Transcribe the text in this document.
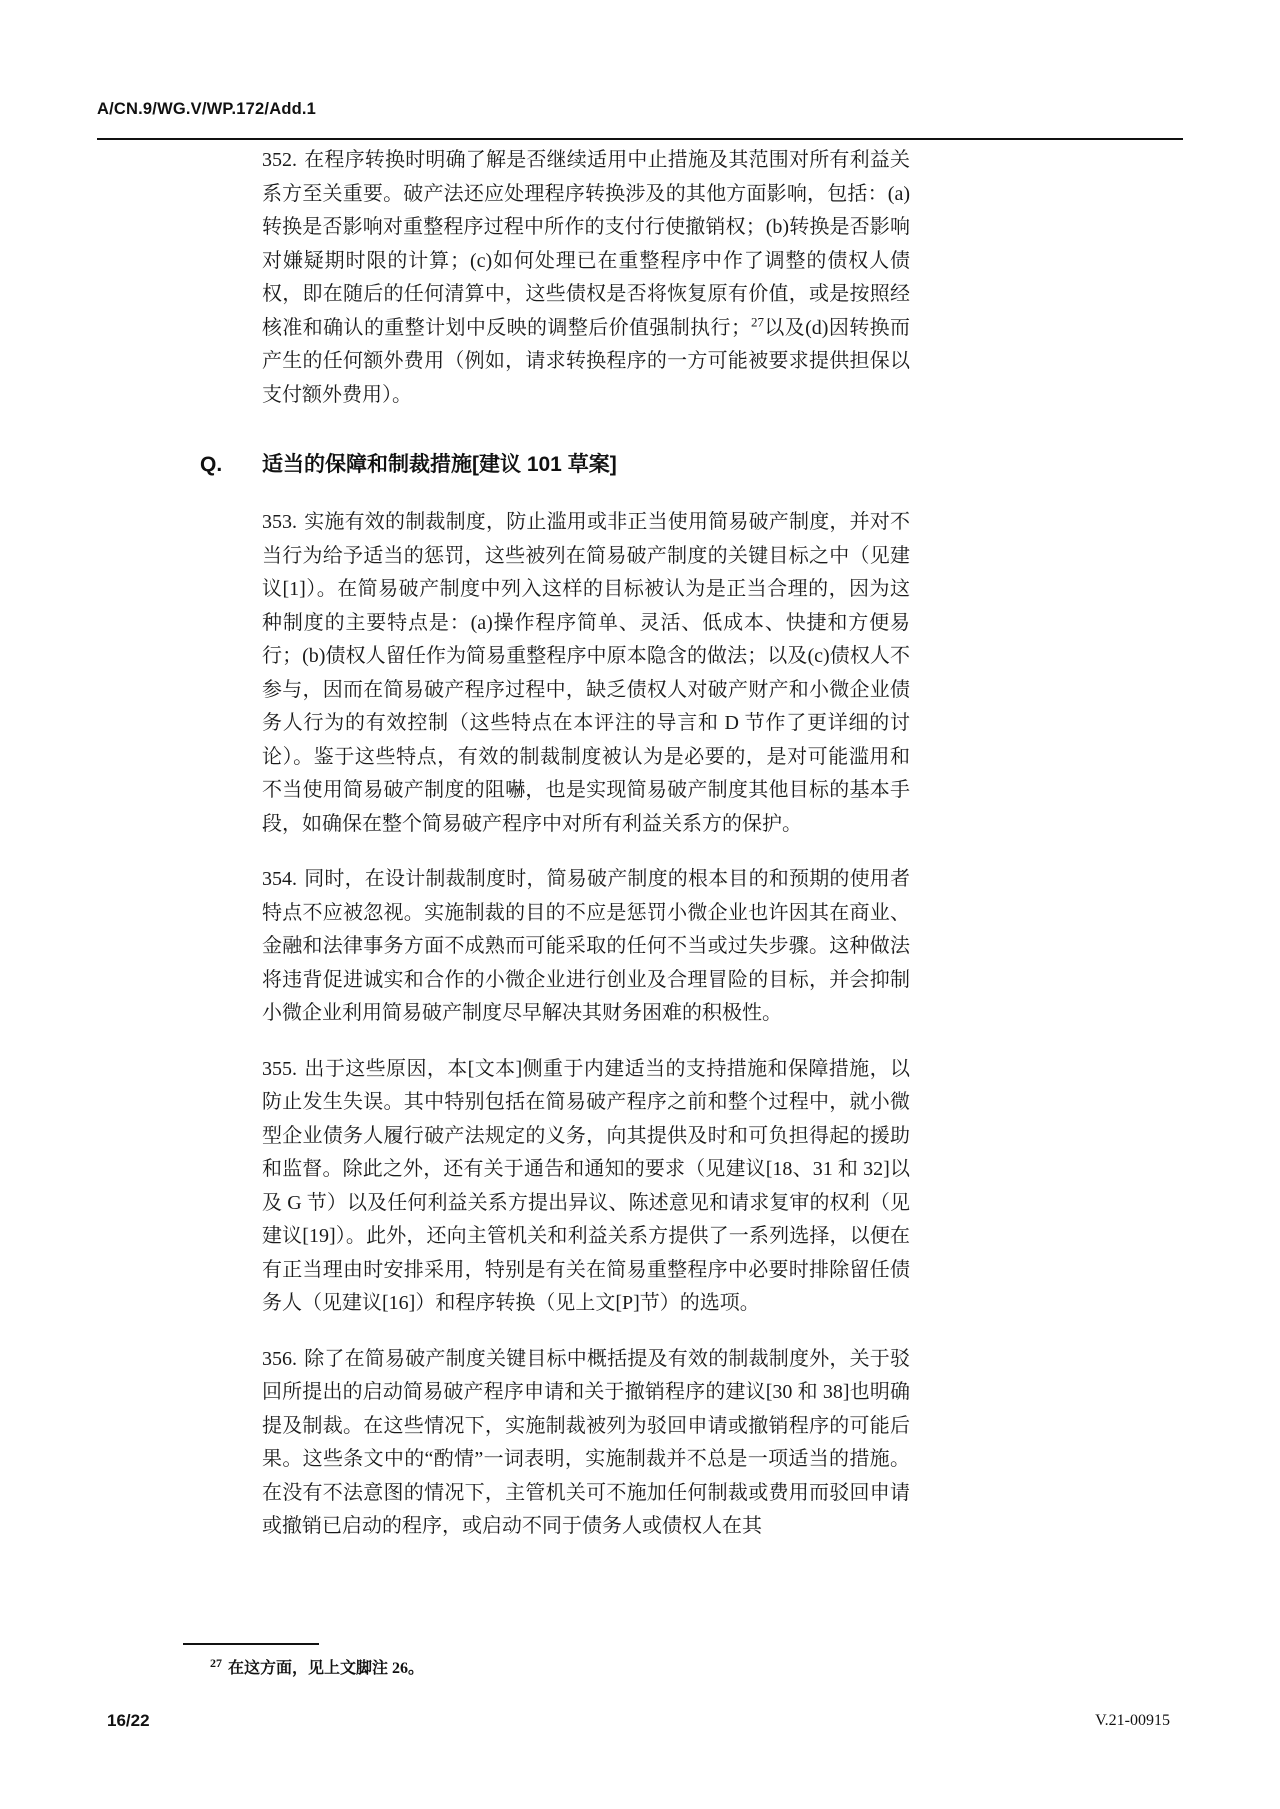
A/CN.9/WG.V/WP.172/Add.1

352. 在程序转换时明确了解是否继续适用中止措施及其范围对所有利益关系方至关重要。破产法还应处理程序转换涉及的其他方面影响，包括：(a)转换是否影响对重整程序过程中所作的支付行使撤销权；(b)转换是否影响对嫌疑期时限的计算；(c)如何处理已在重整程序中作了调整的债权人债权，即在随后的任何清算中，这些债权是否将恢复原有价值，或是按照经核准和确认的重整计划中反映的调整后价值强制执行；$^{27}$以及(d)因转换而产生的任何额外费用（例如，请求转换程序的一方可能被要求提供担保以支付额外费用）。

Q. 适当的保障和制裁措施[建议 101 草案]

353. 实施有效的制裁制度，防止滥用或非正当使用简易破产制度，并对不当行为给予适当的惩罚，这些被列在简易破产制度的关键目标之中（见建议[1]）。在简易破产制度中列入这样的目标被认为是正当合理的，因为这种制度的主要特点是：(a)操作程序简单、灵活、低成本、快捷和方便易行；(b)债权人留任作为简易重整程序中原本隐含的做法；以及(c)债权人不参与，因而在简易破产程序过程中，缺乏债权人对破产财产和小微企业债务人行为的有效控制（这些特点在本评注的导言和 D 节作了更详细的讨论）。鉴于这些特点，有效的制裁制度被认为是必要的，是对可能滥用和不当使用简易破产制度的阻嚇，也是实现简易破产制度其他目标的基本手段，如确保在整个简易破产程序中对所有利益关系方的保护。

354. 同时，在设计制裁制度时，简易破产制度的根本目的和预期的使用者特点不应被忽视。实施制裁的目的不应是惩罚小微企业也许因其在商业、金融和法律事务方面不成熟而可能采取的任何不当或过失步骤。这种做法将违背促进诚实和合作的小微企业进行创业及合理冒险的目标，并会抑制小微企业利用简易破产制度尽早解决其财务困难的积极性。

355. 出于这些原因，本[文本]侧重于内建适当的支持措施和保障措施，以防止发生失误。其中特别包括在简易破产程序之前和整个过程中，就小微型企业债务人履行破产法规定的义务，向其提供及时和可负担得起的援助和监督。除此之外，还有关于通告和通知的要求（见建议[18、31 和 32]以及 G 节）以及任何利益关系方提出异议、陈述意见和请求复审的权利（见建议[19]）。此外，还向主管机关和利益关系方提供了一系列选择，以便在有正当理由时安排采用，特别是有关在简易重整程序中必要时排除留任债务人（见建议[16]）和程序转换（见上文[P]节）的选项。

356. 除了在简易破产制度关键目标中概括提及有效的制裁制度外，关于驳回所提出的启动简易破产程序申请和关于撤销程序的建议[30 和 38]也明确提及制裁。在这些情况下，实施制裁被列为驳回申请或撤销程序的可能后果。这些条文中的“酌情”一词表明，实施制裁并不总是一项适当的措施。在没有不法意图的情况下，主管机关可不施加任何制裁或费用而驳回申请或撤销已启动的程序，或启动不同于债务人或债权人在其

$^{27}$ 在这方面，见上文脚注 26。
16/22	V.21-00915
